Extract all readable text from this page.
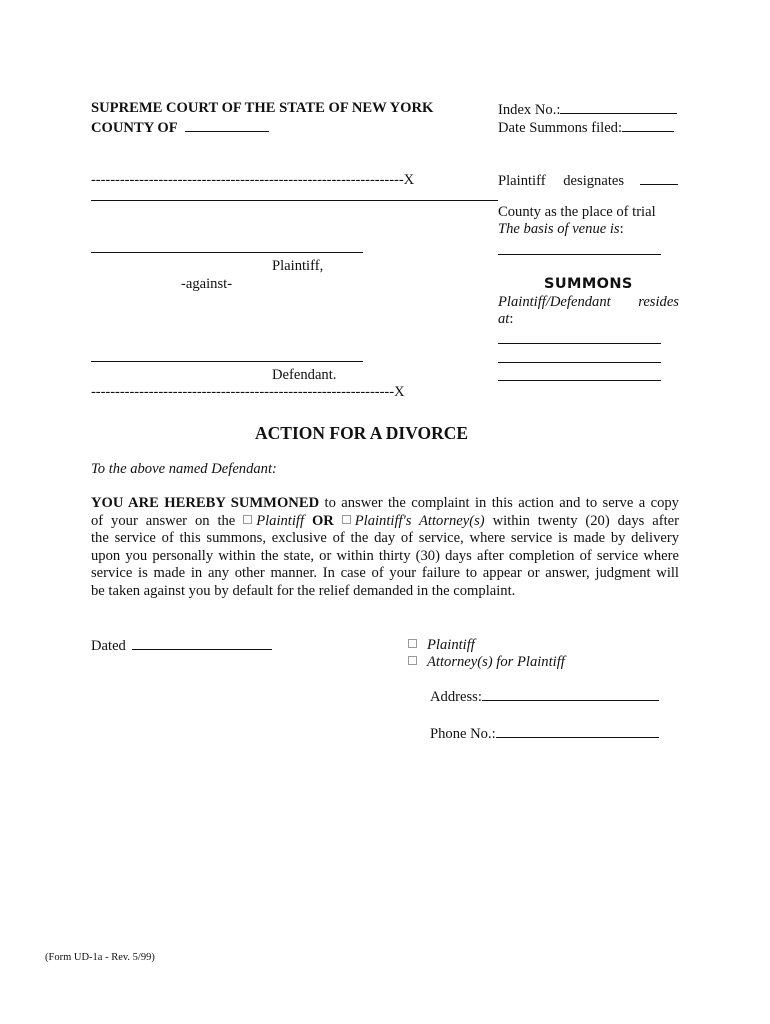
SUPREME COURT OF THE STATE OF NEW YORK
COUNTY OF
Index No.:
Date Summons filed:
-----------------------------------------------------------------X
Plaintiff,
-against-
Defendant.
---------------------------------------------------------------X
Plaintiff designates
County as the place of trial
The basis of venue is:
SUMMONS
Plaintiff/Defendant resides
at:
ACTION FOR A DIVORCE
To the above named Defendant:
YOU ARE HEREBY SUMMONED to answer the complaint in this action and to serve a copy
of your answer on the Plaintiff OR Plaintiff's Attorney(s) within twenty (20) days after
the service of this summons, exclusive of the day of service, where service is made by delivery
upon you personally within the state, or within thirty (30) days after completion of service where
service is made in any other manner. In case of your failure to appear or answer, judgment will
be taken against you by default for the relief demanded in the complaint.
Dated	Plaintiff
Attorney(s) for Plaintiff
Address:
Phone No.:
(Form UD-1a - Rev. 5/99)
